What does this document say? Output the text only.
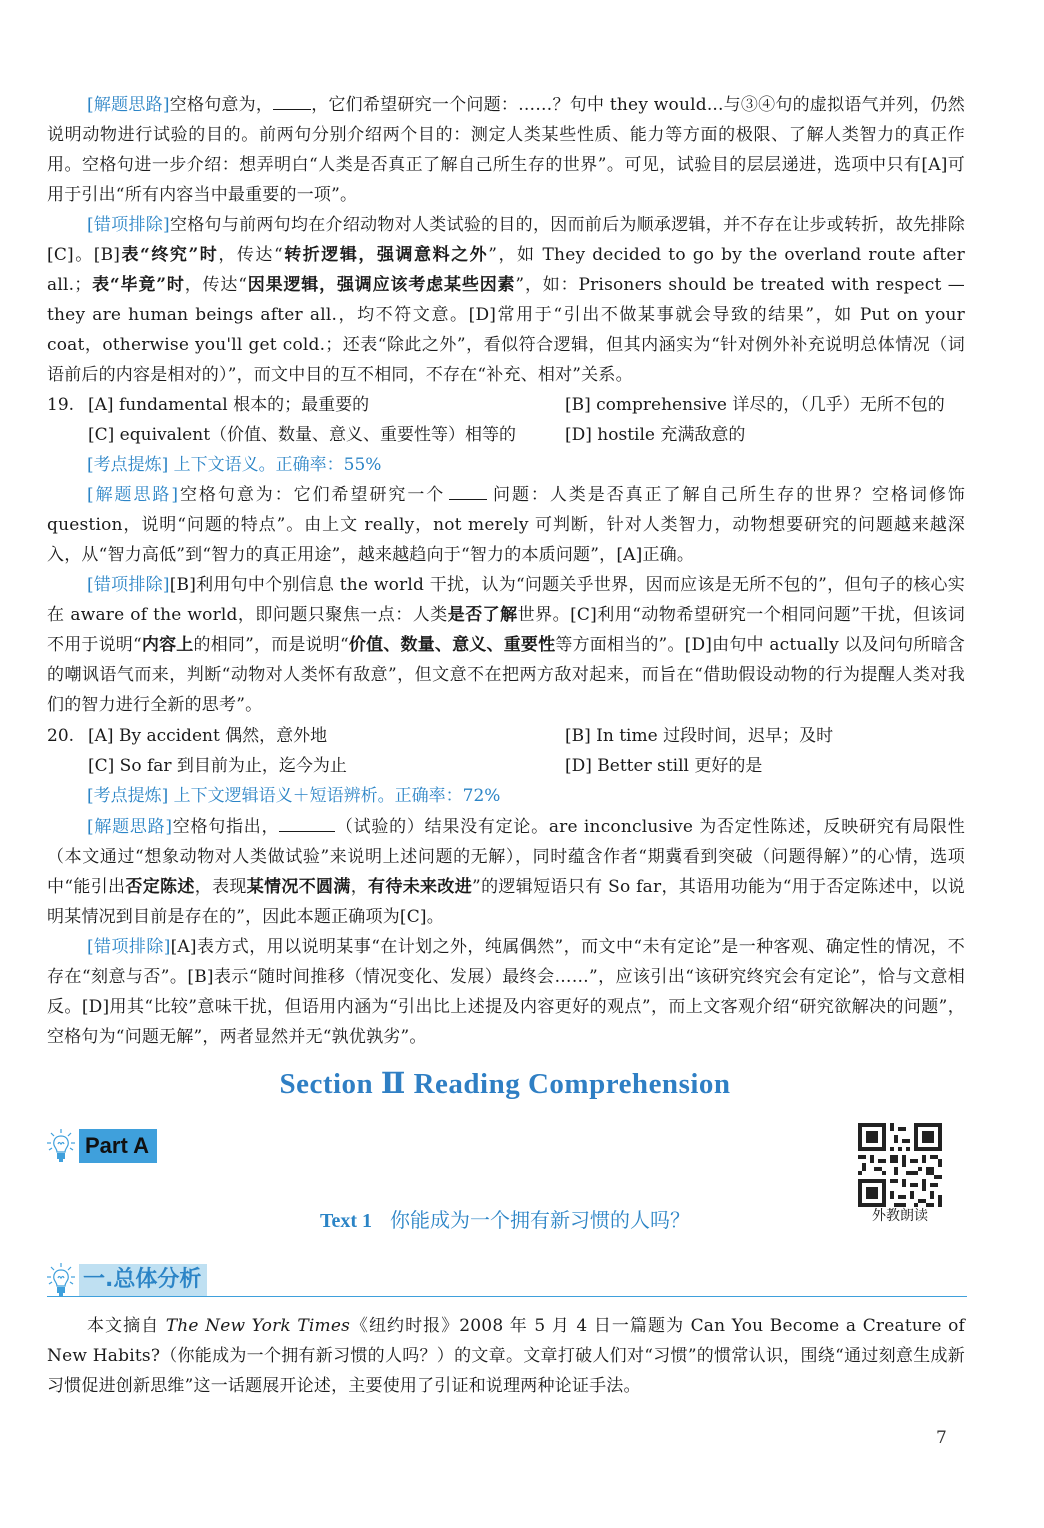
[解题思路]空格句意为， ，它们希望研究一个问题：……？句中 they would...与③④句的虚拟语气并列，仍然说明动物进行试验的目的。前两句分别介绍两个目的：测定人类某些性质、能力等方面的极限、了解人类智力的真正作用。空格句进一步介绍：想弄明白“人类是否真正了解自己所生存的世界”。可见，试验目的层层递进，选项中只有[A]可用于引出“所有内容当中最重要的一项”。
[错项排除]空格句与前两句均在介绍动物对人类试验的目的，因而前后为顺承逻辑，并不存在让步或转折，故先排除[C]。[B]表“终究”时，传达“转折逻辑，强调意料之外”，如 They decided to go by the overland route after all.；表“毕竟”时，传达“因果逻辑，强调应该考虑某些因素”，如：Prisoners should be treated with respect — they are human beings after all.，均不符文意。[D]常用于“引出不做某事就会导致的结果”，如 Put on your coat，otherwise you'll get cold.；还表“除此之外”，看似符合逻辑，但其内涵实为“针对例外补充说明总体情况（词语前后的内容是相对的）”，而文中目的互不相同，不存在“补充、相对”关系。
19. [A] fundamental 根本的；最重要的	[B] comprehensive 详尽的，（几乎）无所不包的
[C] equivalent（价值、数量、意义、重要性等）相等的	[D] hostile 充满敌意的
[考点提炼] 上下文语义。正确率：55%
[解题思路]空格句意为：它们希望研究一个	问题：人类是否真正了解自己所生存的世界？空格词修饰 question，说明“问题的特点”。由上文 really，not merely 可判断，针对人类智力，动物想要研究的问题越来越深入，从“智力高低”到“智力的真正用途”，越来越趋向于“智力的本质问题”，[A]正确。
[错项排除][B]利用句中个别信息 the world 干扰，认为“问题关乎世界，因而应该是无所不包的”，但句子的核心实在 aware of the world，即问题只聚焦一点：人类是否了解世界。[C]利用“动物希望研究一个相同问题”干扰，但该词不用于说明“内容上的相同”，而是说明“价值、数量、意义、重要性等方面相当的”。[D]由句中 actually 以及问句所暗含的嘲讽语气而来，判断“动物对人类怀有敌意”，但文意不在把两方敌对起来，而旨在“借助假设动物的行为提醒人类对我们的智力进行全新的思考”。
20. [A] By accident 偶然，意外地	[B] In time 过段时间，迟早；及时
[C] So far 到目前为止，迄今为止	[D] Better still 更好的是
[考点提炼] 上下文逻辑语义＋短语辨析。正确率：72%
[解题思路]空格句指出，	（试验的）结果没有定论。are inconclusive 为否定性陈述，反映研究有局限性（本文通过“想象动物对人类做试验”来说明上述问题的无解），同时蕴含作者“期冀看到突破（问题得解）”的心情，选项中“能引出否定陈述，表现某情况不圆满，有待未来改进”的逻辑短语只有 So far，其语用功能为“用于否定陈述中，以说明某情况到目前是存在的”，因此本题正确项为[C]。
[错项排除][A]表方式，用以说明某事“在计划之外，纯属偶然”，而文中“未有定论”是一种客观、确定性的情况，不存在“刻意与否”。[B]表示“随时间推移（情况变化、发展）最终会……”，应该引出“该研究终究会有定论”，恰与文意相反。[D]用其“比较”意味干扰，但语用内涵为“引出比上述提及内容更好的观点”，而上文客观介绍“研究欲解决的问题”，空格句为“问题无解”，两者显然并无“孰优孰劣”。
Section Ⅱ Reading Comprehension
Part A
外教朗读
Text 1 你能成为一个拥有新习惯的人吗？
一.总体分析
本文摘自 The New York Times《纽约时报》2008 年 5 月 4 日一篇题为 Can You Become a Creature of New Habits?（你能成为一个拥有新习惯的人吗？）的文章。文章打破人们对“习惯”的惯常认识，围绕“通过刻意生成新习惯促进创新思维”这一话题展开论述，主要使用了引证和说理两种论证手法。
7
